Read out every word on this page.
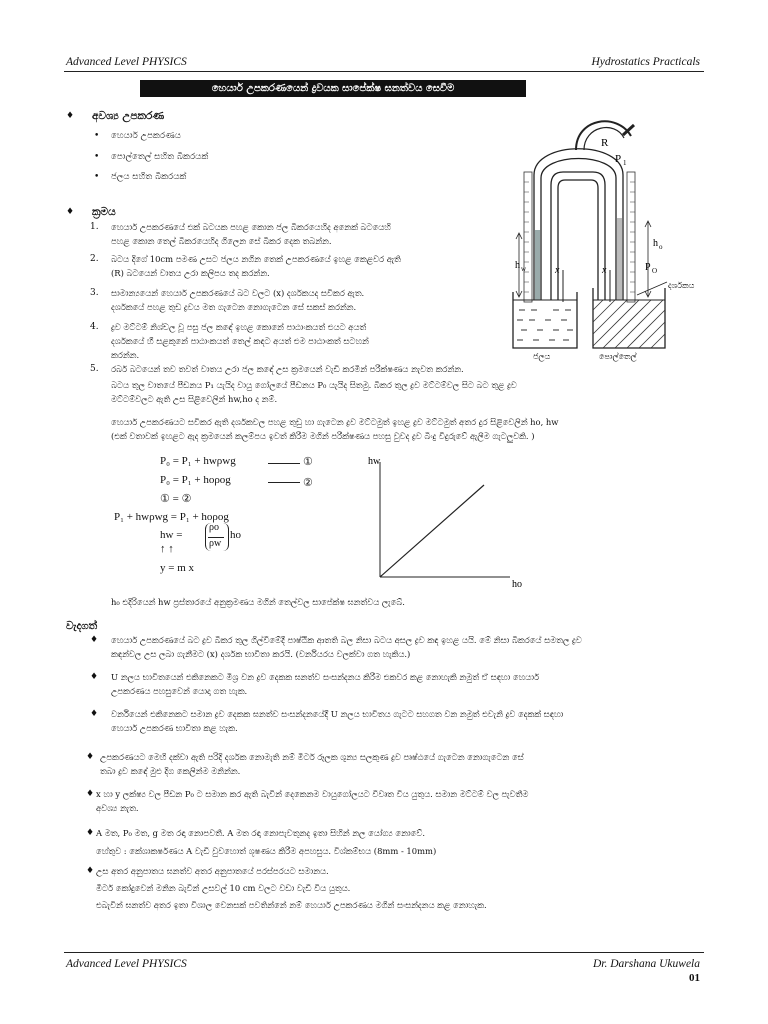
Advanced Level PHYSICS	Hydrostatics Practicals
හෙයාර් උපකරණයෙන් ද්‍රවයක සාපේක්ෂ ඝනත්වය සෙවීම
♦ අවශ්‍ය උපකරණ
• හෙයාර් උපකරණය
• පොල්තෙල් සහිත බීකරයක්
• ජලය සහිත බීකරයක්
♦ ක්‍රමය
1. හෙයාර් උපකරණයේ එක් බටයක පහළ කොන ජල බීකරයෙහිද අනෙක් බටයෙහි
පහළ කොන තෙල් බීකරයෙහිද ගිලෙන සේ බීකර දෙක තබන්න.
2. බටය දිගේ 10cm පමණ උසට ජලය නගින තෙක් උපකරණයේ ඉහළ කෙළවර ඇති
(R) බටයෙන් වාතය උරා කලිපය තද කරන්න.
3. සාමාන්‍යයෙන් හෙයාර් උපකරණයේ බට වලට (x) දර්ශකයද සවිකර ඇත.
දර්ශකයේ පහළ තුඩ ද්‍රවය මත ගැටෙන නොගැටෙන සේ සකස් කරන්න.
4. ද්‍රව මට්ටම් නිශ්චල වූ පසු ජල කඳේ ඉහළ කොනේ පාඨාංකයත් එයට අයත්
දර්ශකයේ හී සළකුනේ පාඨාංකයත් තෙල් කඳට අයත් එම පාඨාංකත් සටහන්
කරන්න.
5. රබර් බටයෙන් තව තවත් වාතය උරා ජල කඳේ උස ක්‍රමයෙන් වැඩි කරමින් පරීක්ෂණය නැවත කරන්න.
බටය තුල වාතයේ පීඩනය P₁ යැයිද වායු ගෝලයේ පීඩනය P₀ යැයිද සිතමු. බීකර තුල ද්‍රව මට්ටම්වල සිට බට තුළ ද්‍රව
මට්ටම්වලට ඇති උස සිළිවෙලින් hw,ho ද නම්.
හෙයාර් උපකරණයට සවිකර ඇති දර්ශකවල පහළ තුඩු හා ගැටෙන ද්‍රව මට්ටමුත් ඉහළ ද්‍රව මට්ටමුත් අතර දුර සිළිවෙලින් ho, hw
(එක් වතාවක් ඉහළට ඇද ක්‍රමයෙන් කලම්පය ඉවත් කිරීම මගින් පරීක්ෂණය පහසු වුවද ද්‍රව බිංදු වීදුරුවේ ඇලීම ගැටලුවකි. )
R
P 1
h o
h w	P O
x	x
දර්ශකය
ජලය	පොල්තෙල්
P₀ = P₁ + hwρwg	①
P₀ = P₁ + hoρog	②
① = ②
P₁ + hwρwg = P₁ + hoρog
hw =
ρo
ρw
ho
↑ ↑
y = m x
hw
ho
h₀ එදිරියෙන් hw ප්‍රස්තාරයේ අනුක්‍රමණය මගින් තෙල්වල සාපේක්ෂ ඝනත්වය ලැබේ.
වැදගත්
♦ හෙයාර් උපකරණයේ බට ද්‍රව බීකර තුල ගිල්වීමේදී පාෂ්ඨික ආතති බල නිසා බටය අසල ද්‍රව කඳ ඉහළ යයි. මේ නිසා බීකරයේ සමතල ද්‍රව
කඳන්වල උස ලබා ගැනීමට (x) දර්ශක භාවිතා කරයි. (වර්නියරය වලක්වා ගත හැකිය.)
♦ U නලය භාවිතයෙන් එකිනෙකට මිශ්‍ර වන ද්‍රව දෙකක ඝනත්ව සංසන්දනය කිරීම එකවර කළ නොහැකි නමුත් ඒ සඳහා හෙයාර්
උපකරණය පහසුවෙන් යොදා ගත හැක.
♦ වර්නියෙන් එකිනෙකට සමාන ද්‍රව දෙකක ඝනත්ව සංසන්දනයේදී U නලය භාවිතය ගැටට සහගත වන නමුත් එවැනි ද්‍රව දෙකක් සඳහා
හෙයාර් උපකරණ භාවිතා කළ හැක.
♦ උපකරණයට මෙහි දක්වා ඇති පරිදි දර්ශක නොමැති නම් මීටර් රූලක ශුන්‍ය සලකුණ ද්‍රව පෘෂ්ඨයේ ගැටෙන නොගැටෙන සේ
තබා ද්‍රව කඳේ මුළු දිග කෙලින්ම මනින්න.
♦ x හා y ලක්ෂ්‍ය වල පීඩන P₀ ට සමාන කර ඇති බැවින් දෙකෙනම වායුගෝලයට විවෘත විය යුතුය. සමාන මට්ටම් වල පැවතීම
අවශ්‍ය නැත.
♦ A මත, P₀ මත, g මත රඳා නොපවතී. A මත රඳා නොපැවතුනද ඉතා සිහින් නල යෝග්‍ය නොවේ.
හේතුව : කේශාකර්ෂණය A වැඩි වුවහොත් ශූෂණය කිරීම අපහසුය. විශ්කම්භය (8mm - 10mm)
♦ උස අතර අනුපාතය ඝනත්ව අතර අනුපාතයේ පරස්පරයට සමානය.
මීටර් කෝදුවෙන් මනින බැවින් උසවල් 10 cm වලට වඩා වැඩි විය යුතුය.
එබැවින් ඝනත්ව අතර ඉතා විශාල වෙනසක් පවතින්නේ නම් හෙයාර් උපකරණය මගින් සංසන්දනය කළ නොහැක.
Advanced Level PHYSICS	Dr. Darshana Ukuwela
01
